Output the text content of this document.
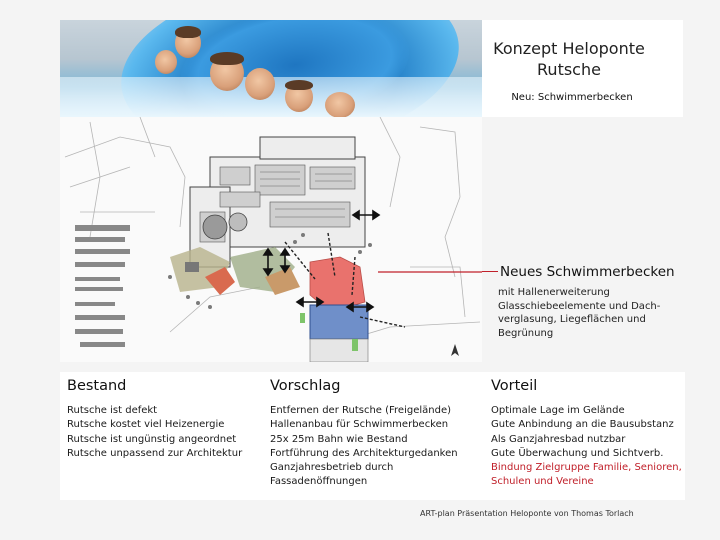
Konzept Heloponte
Rutsche
Neu: Schwimmerbecken
Neues Schwimmerbecken
mit Hallenerweiterung
Glasschiebeelemente und Dach-
verglasung, Liegeflächen und
Begrünung
Bestand
Rutsche ist defekt
Rutsche kostet viel Heizenergie
Rutsche ist ungünstig angeordnet
Rutsche unpassend zur Architektur
Vorschlag
Entfernen der Rutsche (Freigelände)
Hallenanbau für Schwimmerbecken
25x 25m Bahn wie Bestand
Fortführung des Architekturgedanken
Ganzjahresbetrieb durch
Fassadenöffnungen
Vorteil
Optimale Lage im Gelände
Gute Anbindung an die Bausubstanz
Als Ganzjahresbad nutzbar
Gute Überwachung und Sichtverb.
Bindung Zielgruppe Familie, Senioren,
Schulen und Vereine
ART-plan Präsentation Heloponte von Thomas Torlach
